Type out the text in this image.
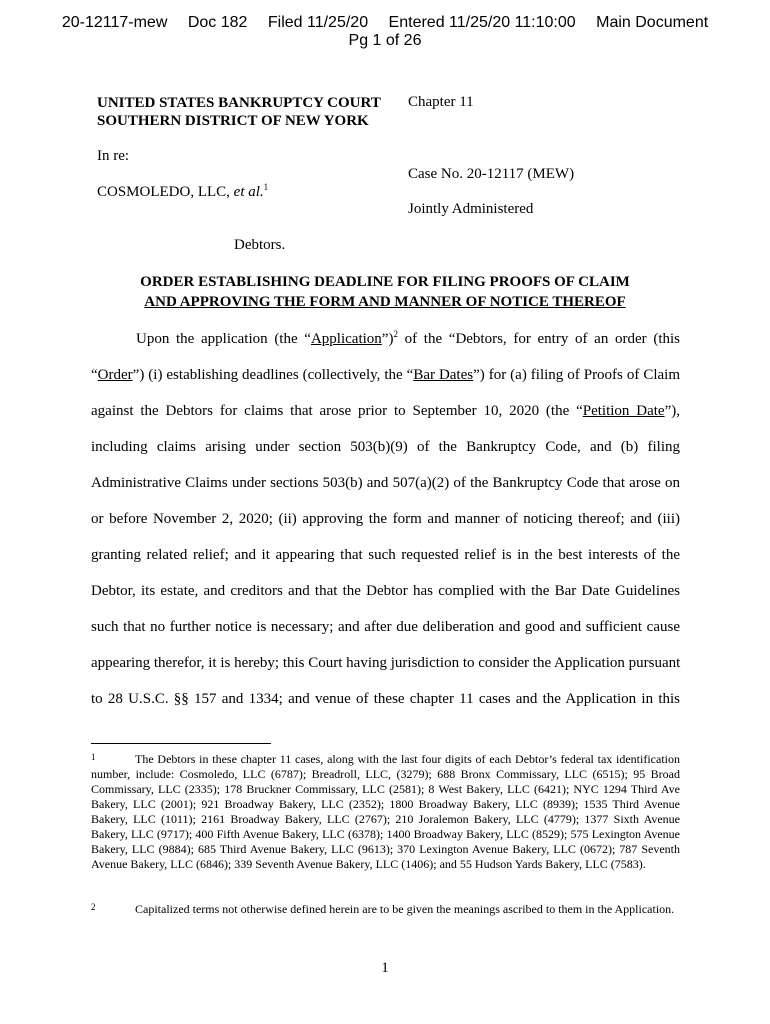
20-12117-mew Doc 182 Filed 11/25/20 Entered 11/25/20 11:10:00 Main Document
Pg 1 of 26
UNITED STATES BANKRUPTCY COURT
SOUTHERN DISTRICT OF NEW YORK
Chapter 11
In re:
Case No. 20-12117 (MEW)
COSMOLEDO, LLC, et al.$^1$
Jointly Administered
Debtors.
ORDER ESTABLISHING DEADLINE FOR FILING PROOFS OF CLAIM
AND APPROVING THE FORM AND MANNER OF NOTICE THEREOF
Upon the application (the “Application”)$^2$ of the “Debtors, for entry of an order (this
“Order”) (i) establishing deadlines (collectively, the “Bar Dates”) for (a) filing of Proofs of Claim
against the Debtors for claims that arose prior to September 10, 2020 (the “Petition Date”),
including claims arising under section 503(b)(9) of the Bankruptcy Code, and (b) filing
Administrative Claims under sections 503(b) and 507(a)(2) of the Bankruptcy Code that arose on
or before November 2, 2020; (ii) approving the form and manner of noticing thereof; and (iii)
granting related relief; and it appearing that such requested relief is in the best interests of the
Debtor, its estate, and creditors and that the Debtor has complied with the Bar Date Guidelines
such that no further notice is necessary; and after due deliberation and good and sufficient cause
appearing therefor, it is hereby; this Court having jurisdiction to consider the Application pursuant
to 28 U.S.C. §§ 157 and 1334; and venue of these chapter 11 cases and the Application in this
1	The Debtors in these chapter 11 cases, along with the last four digits of each Debtor’s federal tax identification number, include: Cosmoledo, LLC (6787); Breadroll, LLC, (3279); 688 Bronx Commissary, LLC (6515); 95 Broad Commissary, LLC (2335); 178 Bruckner Commissary, LLC (2581); 8 West Bakery, LLC (6421); NYC 1294 Third Ave Bakery, LLC (2001); 921 Broadway Bakery, LLC (2352); 1800 Broadway Bakery, LLC (8939); 1535 Third Avenue Bakery, LLC (1011); 2161 Broadway Bakery, LLC (2767); 210 Joralemon Bakery, LLC (4779); 1377 Sixth Avenue Bakery, LLC (9717); 400 Fifth Avenue Bakery, LLC (6378); 1400 Broadway Bakery, LLC (8529); 575 Lexington Avenue Bakery, LLC (9884); 685 Third Avenue Bakery, LLC (9613); 370 Lexington Avenue Bakery, LLC (0672); 787 Seventh Avenue Bakery, LLC (6846); 339 Seventh Avenue Bakery, LLC (1406); and 55 Hudson Yards Bakery, LLC (7583).
2	Capitalized terms not otherwise defined herein are to be given the meanings ascribed to them in the Application.
1
